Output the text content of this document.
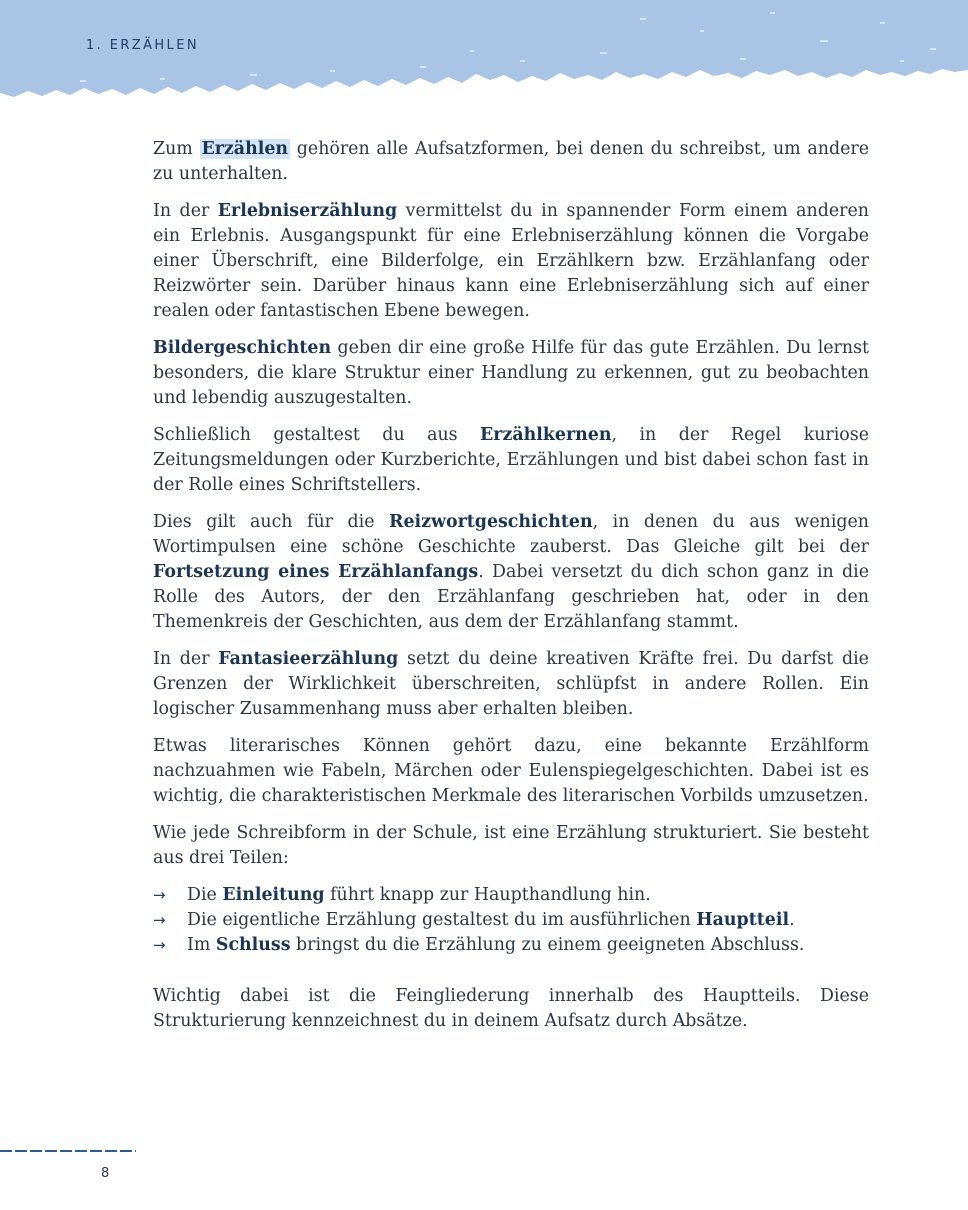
1. ERZÄHLEN

Zum Erzählen gehören alle Aufsatzformen, bei denen du schreibst, um andere zu unterhalten.

In der Erlebniserzählung vermittelst du in spannender Form einem anderen ein Erlebnis. Ausgangspunkt für eine Erlebniserzählung können die Vorgabe einer Überschrift, eine Bilderfolge, ein Erzählkern bzw. Erzählanfang oder Reizwörter sein. Darüber hinaus kann eine Erlebniserzählung sich auf einer realen oder fantastischen Ebene bewegen.

Bildergeschichten geben dir eine große Hilfe für das gute Erzählen. Du lernst besonders, die klare Struktur einer Handlung zu erkennen, gut zu beobachten und lebendig auszugestalten.

Schließlich gestaltest du aus Erzählkernen, in der Regel kuriose Zeitungsmeldungen oder Kurzberichte, Erzählungen und bist dabei schon fast in der Rolle eines Schriftstellers.

Dies gilt auch für die Reizwortgeschichten, in denen du aus wenigen Wortimpulsen eine schöne Geschichte zauberst. Das Gleiche gilt bei der Fortsetzung eines Erzählanfangs. Dabei versetzt du dich schon ganz in die Rolle des Autors, der den Erzählanfang geschrieben hat, oder in den Themenkreis der Geschichten, aus dem der Erzählanfang stammt.

In der Fantasieerzählung setzt du deine kreativen Kräfte frei. Du darfst die Grenzen der Wirklichkeit überschreiten, schlüpfst in andere Rollen. Ein logischer Zusammenhang muss aber erhalten bleiben.

Etwas literarisches Können gehört dazu, eine bekannte Erzählform nachzuahmen wie Fabeln, Märchen oder Eulenspiegelgeschichten. Dabei ist es wichtig, die charakteristischen Merkmale des literarischen Vorbilds umzusetzen.

Wie jede Schreibform in der Schule, ist eine Erzählung strukturiert. Sie besteht aus drei Teilen:

→	Die Einleitung führt knapp zur Haupthandlung hin.
→	Die eigentliche Erzählung gestaltest du im ausführlichen Hauptteil.
→	Im Schluss bringst du die Erzählung zu einem geeigneten Abschluss.

Wichtig dabei ist die Feingliederung innerhalb des Hauptteils. Diese Strukturierung kennzeichnest du in deinem Aufsatz durch Absätze.

8
